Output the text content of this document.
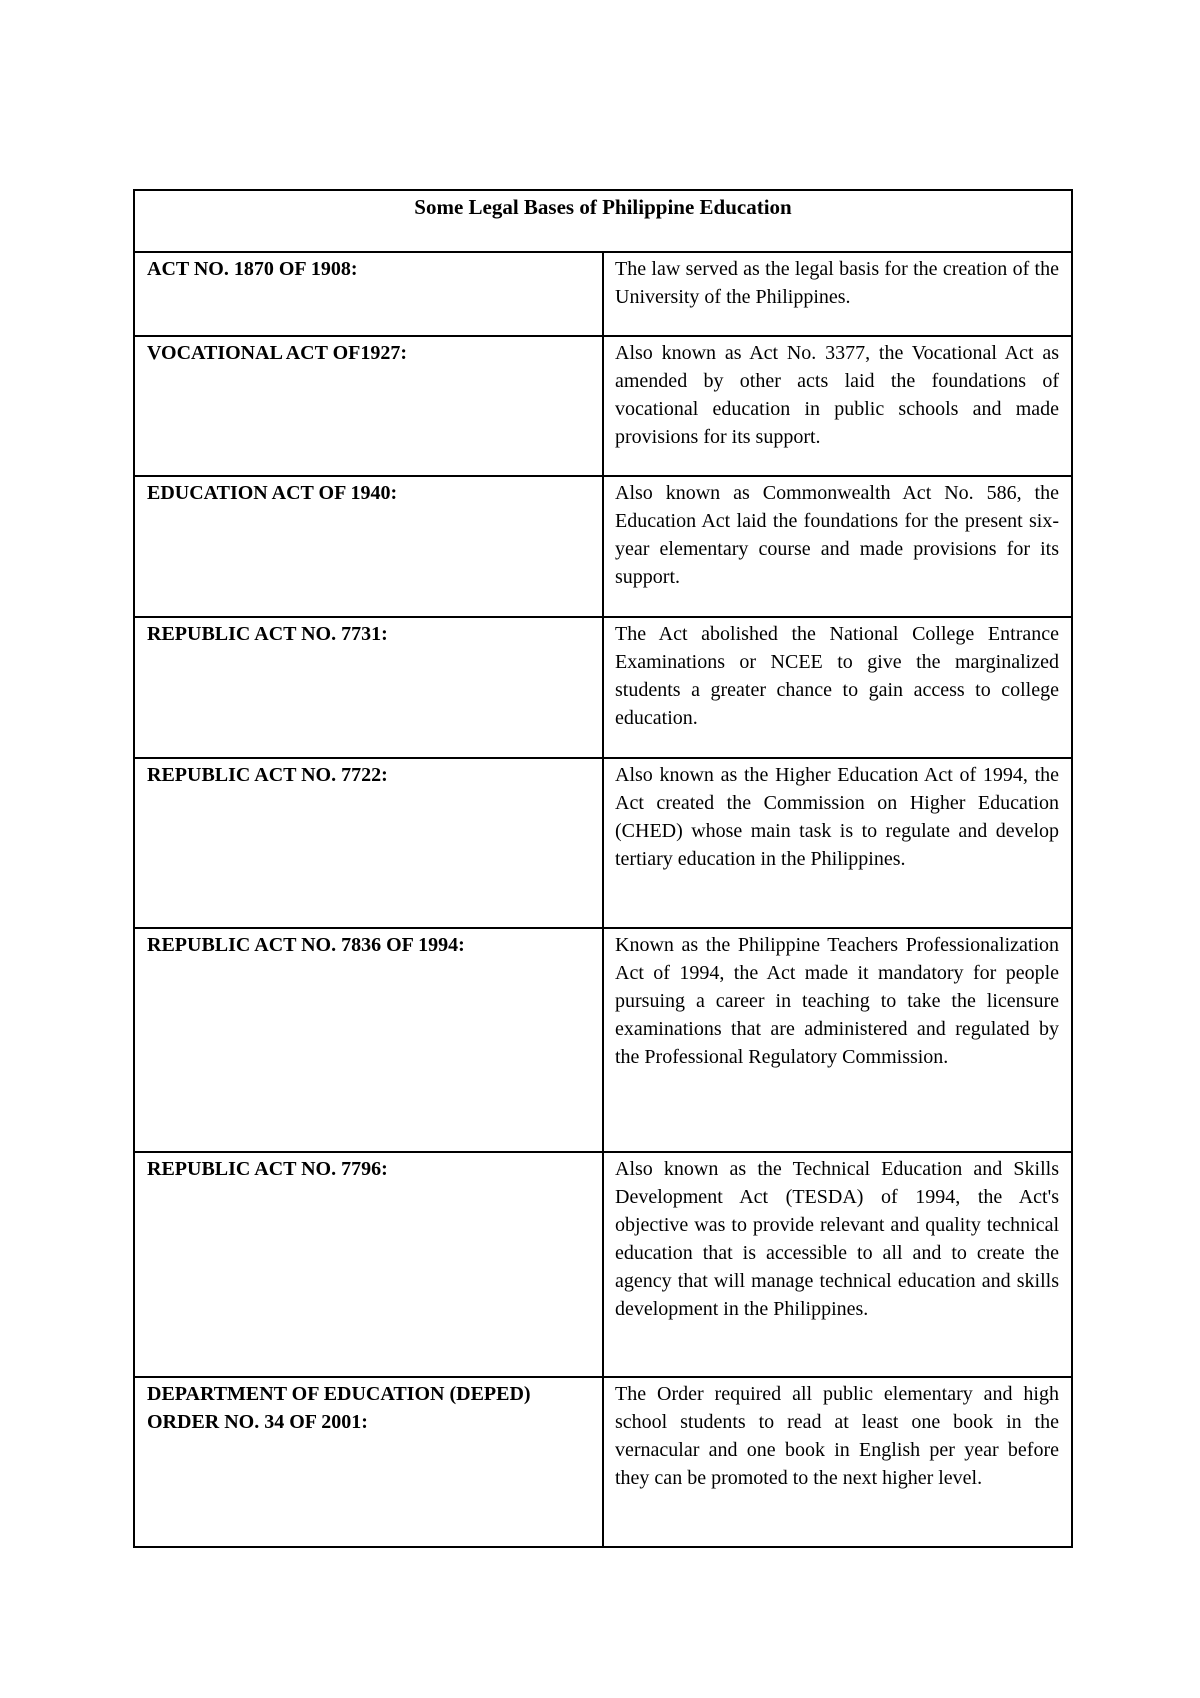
Some Legal Bases of Philippine Education	
ACT NO. 1870 OF 1908:	The law served as the legal basis for the creation of the University of the Philippines.
VOCATIONAL ACT OF1927:	Also known as Act No. 3377, the Vocational Act as amended by other acts laid the foundations of vocational education in public schools and made provisions for its support.
EDUCATION ACT OF 1940:	Also known as Commonwealth Act No. 586, the Education Act laid the foundations for the present six-year elementary course and made provisions for its support.
REPUBLIC ACT NO. 7731:	The Act abolished the National College Entrance Examinations or NCEE to give the marginalized students a greater chance to gain access to college education.
REPUBLIC ACT NO. 7722:	Also known as the Higher Education Act of 1994, the Act created the Commission on Higher Education (CHED) whose main task is to regulate and develop tertiary education in the Philippines.
REPUBLIC ACT NO. 7836 OF 1994:	Known as the Philippine Teachers Professionalization Act of 1994, the Act made it mandatory for people pursuing a career in teaching to take the licensure examinations that are administered and regulated by the Professional Regulatory Commission.
REPUBLIC ACT NO. 7796:	Also known as the Technical Education and Skills Development Act (TESDA) of 1994, the Act's objective was to provide relevant and quality technical education that is accessible to all and to create the agency that will manage technical education and skills development in the Philippines.
DEPARTMENT OF EDUCATION (DEPED) ORDER NO. 34 OF 2001:	The Order required all public elementary and high school students to read at least one book in the vernacular and one book in English per year before they can be promoted to the next higher level.
